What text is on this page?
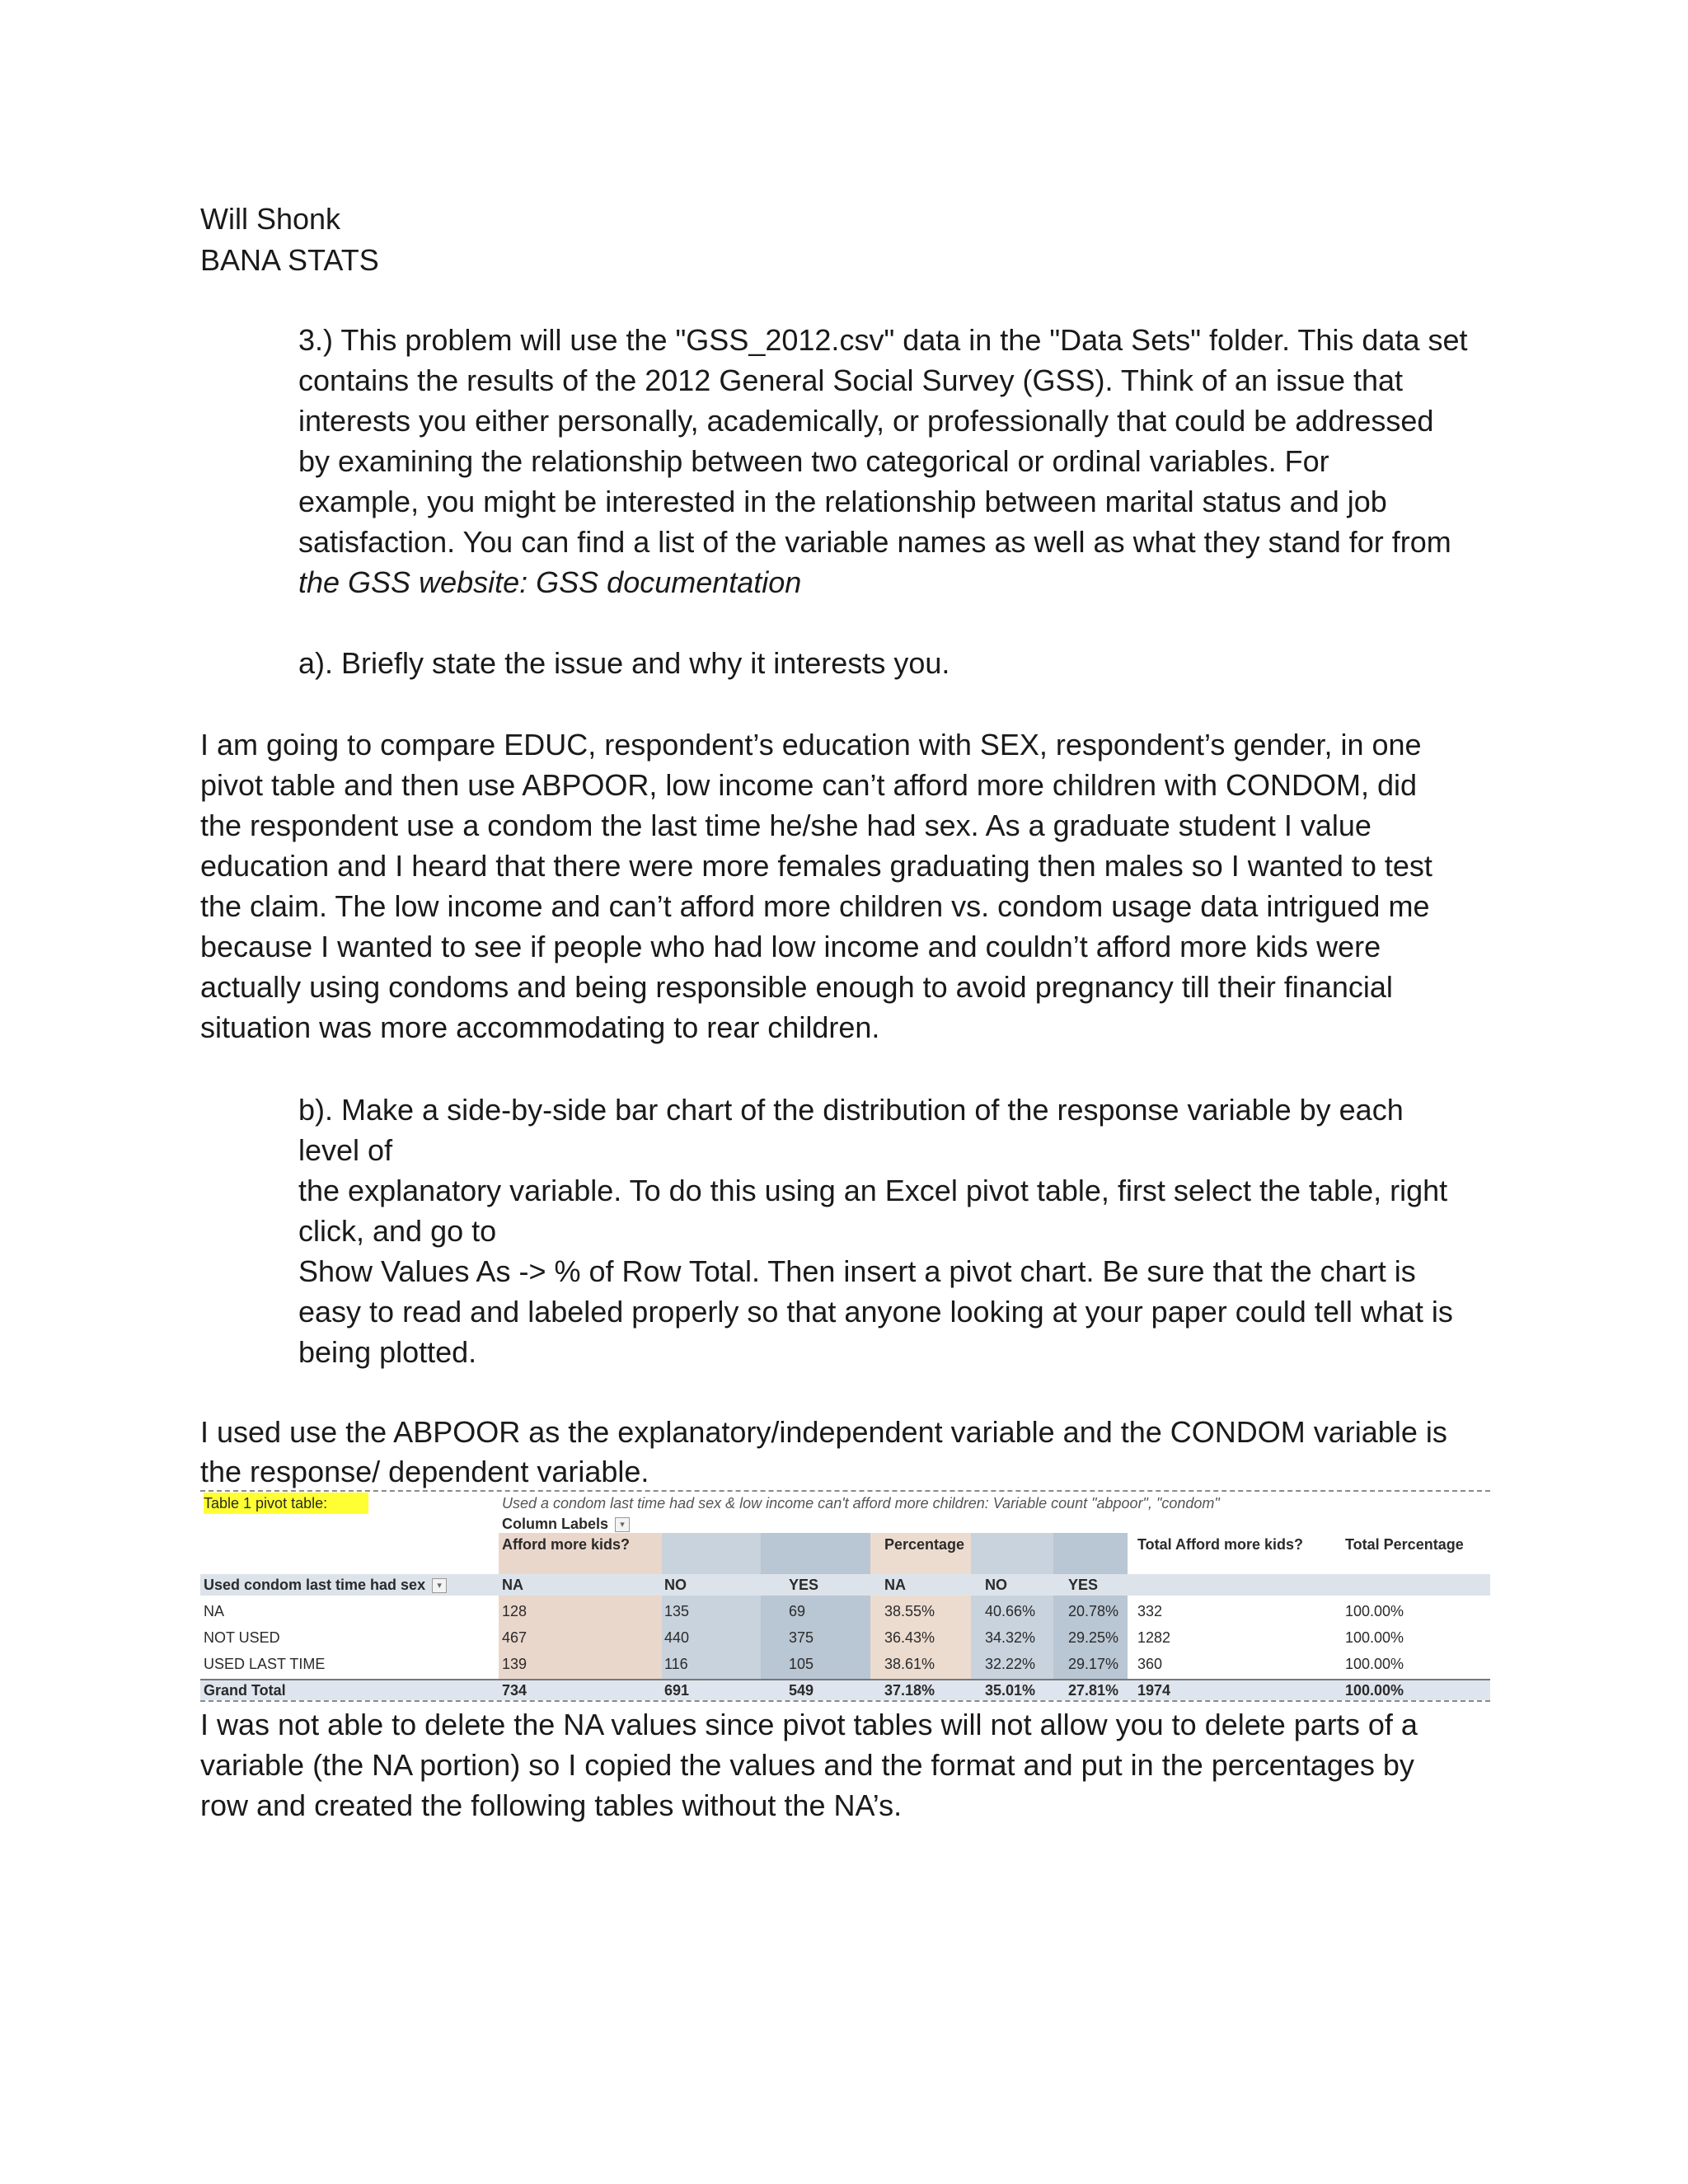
Will Shonk
BANA STATS
3.) This problem will use the "GSS_2012.csv" data in the "Data Sets" folder. This data set
contains the results of the 2012 General Social Survey (GSS). Think of an issue that
interests you either personally, academically, or professionally that could be addressed
by examining the relationship between two categorical or ordinal variables. For
example, you might be interested in the relationship between marital status and job
satisfaction. You can find a list of the variable names as well as what they stand for from
the GSS website: GSS documentation
a). Briefly state the issue and why it interests you.
I am going to compare EDUC, respondent’s education with SEX, respondent’s gender, in one
pivot table and then use ABPOOR, low income can’t afford more children with CONDOM, did
the respondent use a condom the last time he/she had sex. As a graduate student I value
education and I heard that there were more females graduating then males so I wanted to test
the claim. The low income and can’t afford more children vs. condom usage data intrigued me
because I wanted to see if people who had low income and couldn’t afford more kids were
actually using condoms and being responsible enough to avoid pregnancy till their financial
situation was more accommodating to rear children.
b). Make a side-by-side bar chart of the distribution of the response variable by each
level of
the explanatory variable. To do this using an Excel pivot table, first select the table, right
click, and go to
Show Values As -> % of Row Total. Then insert a pivot chart. Be sure that the chart is
easy to read and labeled properly so that anyone looking at your paper could tell what is
being plotted.
I used use the ABPOOR as the explanatory/independent variable and the CONDOM variable is
the response/ dependent variable.
Table 1 pivot table:	Used a condom last time had sex & low income can't afford more children: Variable count "abpoor", "condom"
Column Labels ▾
Afford more kids?	Percentage	Total Afford more kids?	Total Percentage
Used condom last time had sex ▾	NA	NO	YES	NA	NO	YES
NA	128	135	69	38.55%	40.66% 20.78% 332	100.00%
NOT USED	467	440	375	36.43%	34.32% 29.25% 1282	100.00%
USED LAST TIME	139	116	105	38.61%	32.22% 29.17% 360	100.00%
Grand Total	734	691	549	37.18%	35.01% 27.81% 1974	100.00%
I was not able to delete the NA values since pivot tables will not allow you to delete parts of a
variable (the NA portion) so I copied the values and the format and put in the percentages by
row and created the following tables without the NA’s.
